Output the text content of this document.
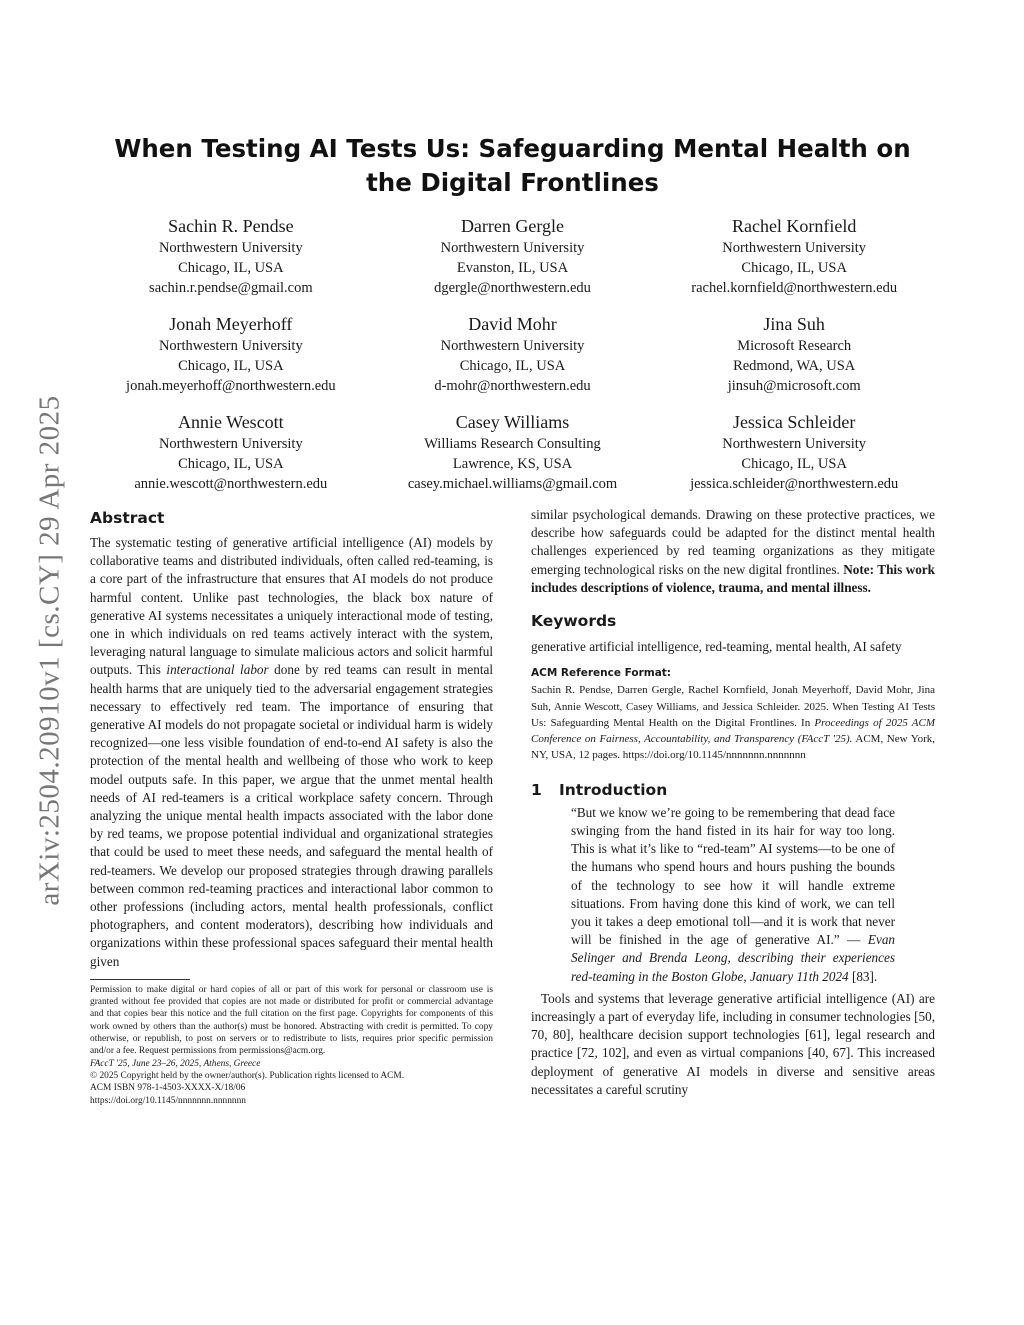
arXiv:2504.20910v1 [cs.CY] 29 Apr 2025
When Testing AI Tests Us: Safeguarding Mental Health on the Digital Frontlines
Sachin R. Pendse
Northwestern University
Chicago, IL, USA
sachin.r.pendse@gmail.com
Darren Gergle
Northwestern University
Evanston, IL, USA
dgergle@northwestern.edu
Rachel Kornfield
Northwestern University
Chicago, IL, USA
rachel.kornfield@northwestern.edu
Jonah Meyerhoff
Northwestern University
Chicago, IL, USA
jonah.meyerhoff@northwestern.edu
David Mohr
Northwestern University
Chicago, IL, USA
d-mohr@northwestern.edu
Jina Suh
Microsoft Research
Redmond, WA, USA
jinsuh@microsoft.com
Annie Wescott
Northwestern University
Chicago, IL, USA
annie.wescott@northwestern.edu
Casey Williams
Williams Research Consulting
Lawrence, KS, USA
casey.michael.williams@gmail.com
Jessica Schleider
Northwestern University
Chicago, IL, USA
jessica.schleider@northwestern.edu
Abstract

The systematic testing of generative artificial intelligence (AI) models by collaborative teams and distributed individuals, often called red-teaming, is a core part of the infrastructure that ensures that AI models do not produce harmful content. Unlike past technologies, the black box nature of generative AI systems necessitates a uniquely interactional mode of testing, one in which individuals on red teams actively interact with the system, leveraging natural language to simulate malicious actors and solicit harmful outputs. This interactional labor done by red teams can result in mental health harms that are uniquely tied to the adversarial engagement strategies necessary to effectively red team. The importance of ensuring that generative AI models do not propagate societal or individual harm is widely recognized—one less visible foundation of end-to-end AI safety is also the protection of the mental health and wellbeing of those who work to keep model outputs safe. In this paper, we argue that the unmet mental health needs of AI red-teamers is a critical workplace safety concern. Through analyzing the unique mental health impacts associated with the labor done by red teams, we propose potential individual and organizational strategies that could be used to meet these needs, and safeguard the mental health of red-teamers. We develop our proposed strategies through drawing parallels between common red-teaming practices and interactional labor common to other professions (including actors, mental health professionals, conflict photographers, and content moderators), describing how individuals and organizations within these professional spaces safeguard their mental health given

Permission to make digital or hard copies of all or part of this work for personal or classroom use is granted without fee provided that copies are not made or distributed for profit or commercial advantage and that copies bear this notice and the full citation on the first page. Copyrights for components of this work owned by others than the author(s) must be honored. Abstracting with credit is permitted. To copy otherwise, or republish, to post on servers or to redistribute to lists, requires prior specific permission and/or a fee. Request permissions from permissions@acm.org.

FAccT '25, June 23–26, 2025, Athens, Greece

© 2025 Copyright held by the owner/author(s). Publication rights licensed to ACM.

ACM ISBN 978-1-4503-XXXX-X/18/06

https://doi.org/10.1145/nnnnnnn.nnnnnnn

similar psychological demands. Drawing on these protective practices, we describe how safeguards could be adapted for the distinct mental health challenges experienced by red teaming organizations as they mitigate emerging technological risks on the new digital frontlines. Note: This work includes descriptions of violence, trauma, and mental illness.

Keywords

generative artificial intelligence, red-teaming, mental health, AI safety

ACM Reference Format:

Sachin R. Pendse, Darren Gergle, Rachel Kornfield, Jonah Meyerhoff, David Mohr, Jina Suh, Annie Wescott, Casey Williams, and Jessica Schleider. 2025. When Testing AI Tests Us: Safeguarding Mental Health on the Digital Frontlines. In Proceedings of 2025 ACM Conference on Fairness, Accountability, and Transparency (FAccT '25). ACM, New York, NY, USA, 12 pages. https://doi.org/10.1145/nnnnnnn.nnnnnnn

1	Introduction

“But we know we’re going to be remembering that dead face swinging from the hand fisted in its hair for way too long. This is what it’s like to “red-team” AI systems—to be one of the humans who spend hours and hours pushing the bounds of the technology to see how it will handle extreme situations. From having done this kind of work, we can tell you it takes a deep emotional toll—and it is work that never will be finished in the age of generative AI.” — Evan Selinger and Brenda Leong, describing their experiences red-teaming in the Boston Globe, January 11th 2024 [83].

Tools and systems that leverage generative artificial intelligence (AI) are increasingly a part of everyday life, including in consumer technologies [50, 70, 80], healthcare decision support technologies [61], legal research and practice [72, 102], and even as virtual companions [40, 67]. This increased deployment of generative AI models in diverse and sensitive areas necessitates a careful scrutiny
